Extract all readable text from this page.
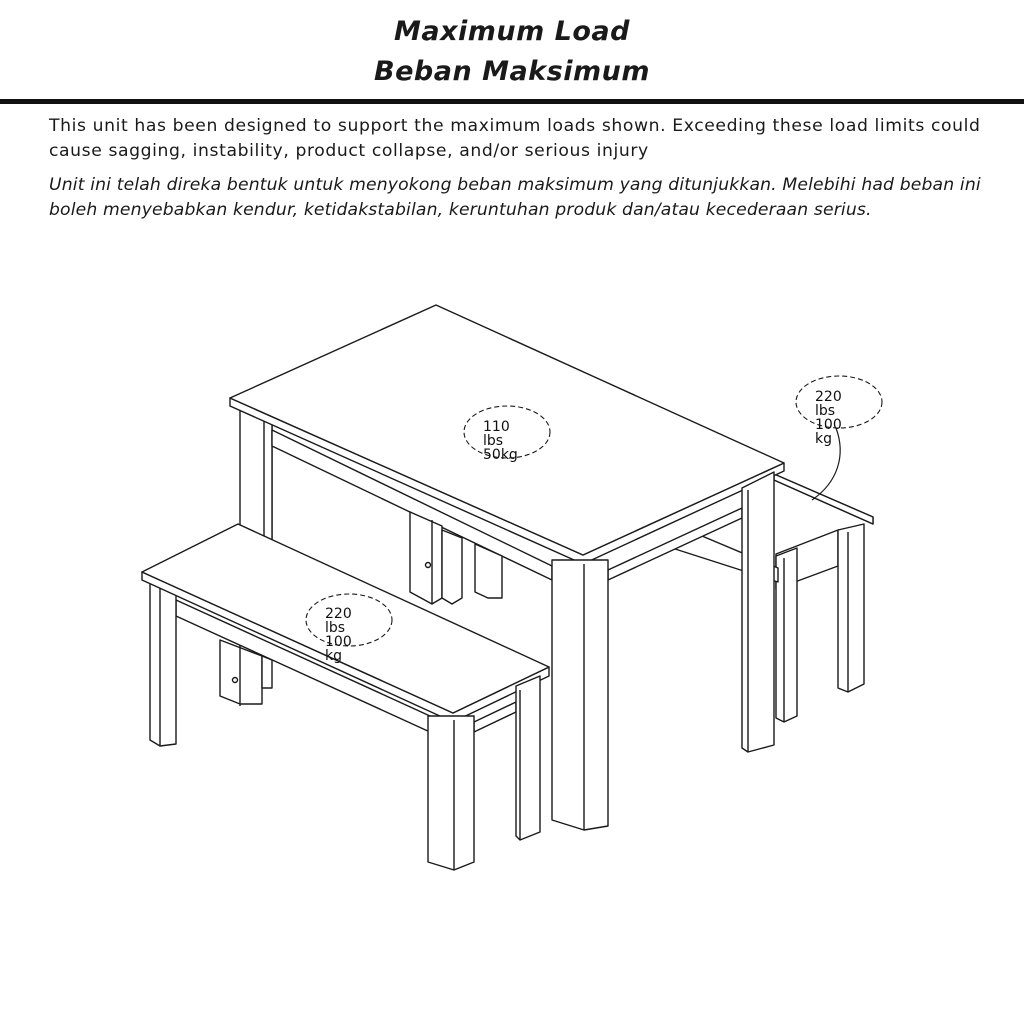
Maximum Load
Beban Maksimum

This unit has been designed to support the maximum loads shown. Exceeding these load limits could cause sagging, instability, product collapse, and/or serious injury

Unit ini telah direka bentuk untuk menyokong beban maksimum yang ditunjukkan. Melebihi had beban ini boleh menyebabkan kendur, ketidakstabilan, keruntuhan produk dan/atau kecederaan serius.

110
lbs
50kg
220
lbs
100
kg
220
lbs
100
kg
